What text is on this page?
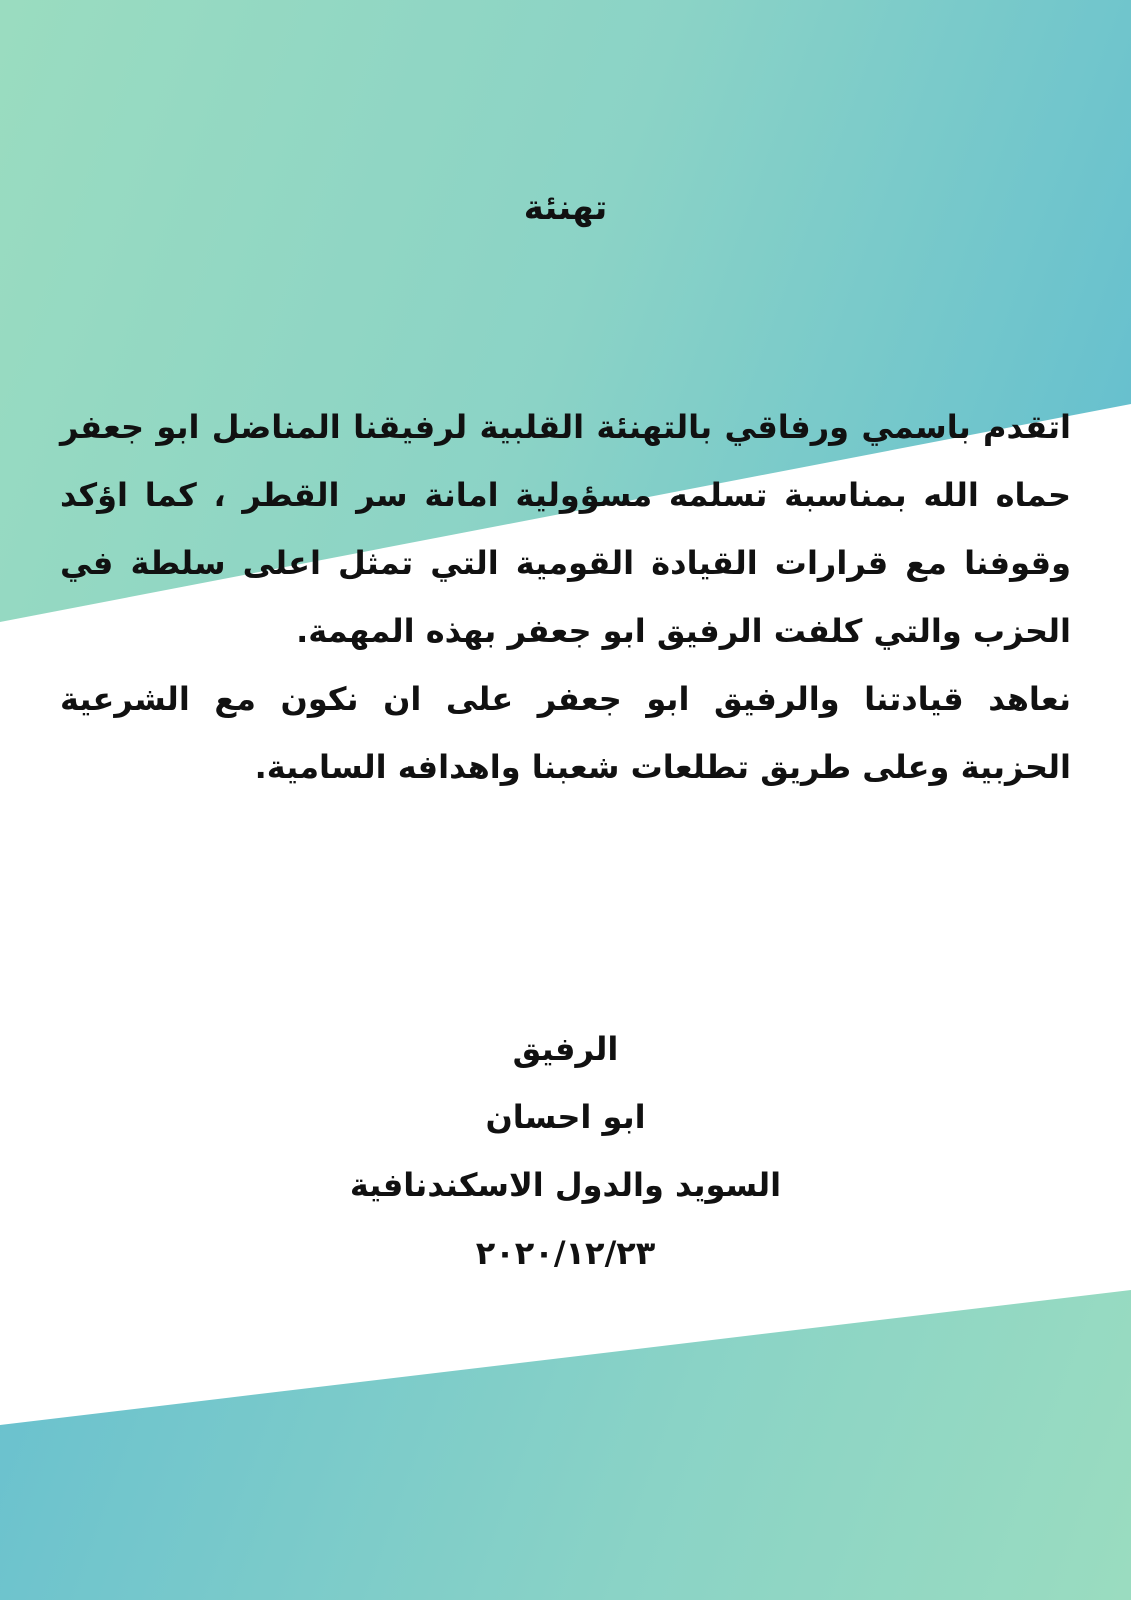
تهنئة

اتقدم باسمي ورفاقي بالتهنئة القلبية لرفيقنا المناضل ابو جعفر حماه الله بمناسبة تسلمه مسؤولية امانة سر القطر ، كما اؤكد وقوفنا مع قرارات القيادة القومية التي تمثل اعلى سلطة في الحزب والتي كلفت الرفيق ابو جعفر بهذه المهمة.

نعاهد قيادتنا والرفيق ابو جعفر على ان نكون مع الشرعية الحزبية وعلى طريق تطلعات شعبنا واهدافه السامية.

الرفيق
ابو احسان
السويد والدول الاسكندنافية
٢٠٢٠/١٢/٢٣
